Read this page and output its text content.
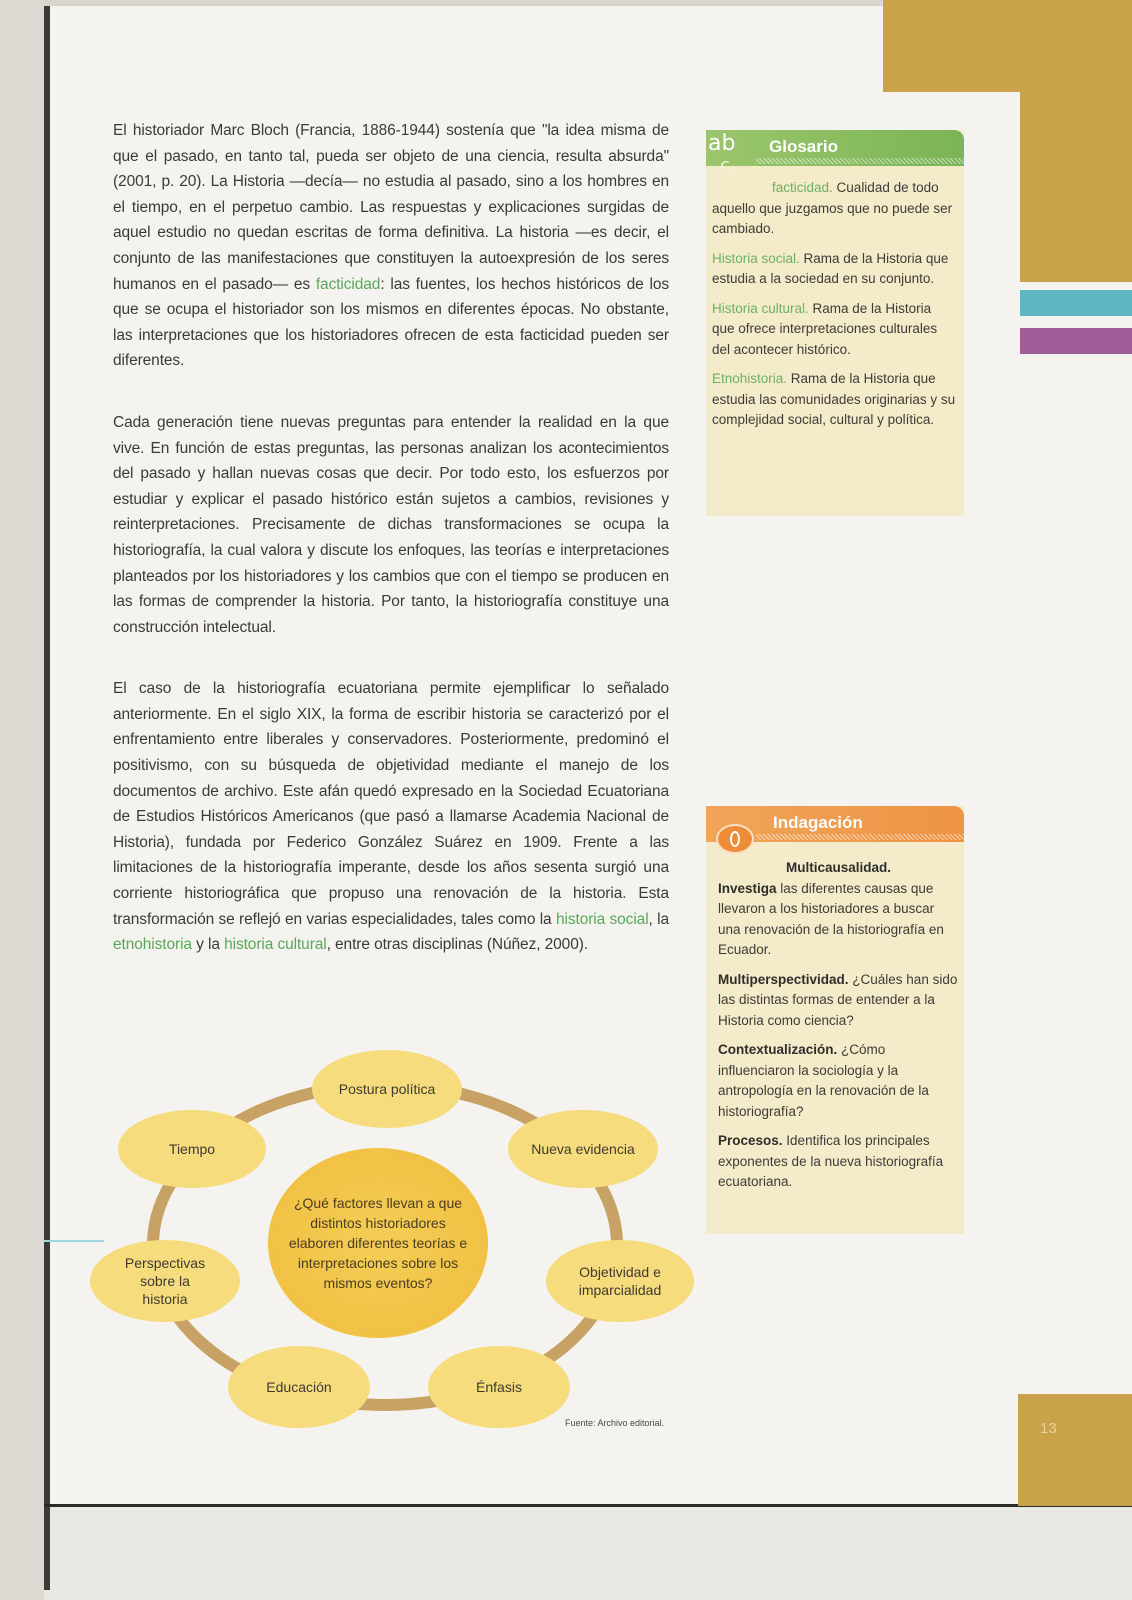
13

El historiador Marc Bloch (Francia, 1886-1944) sostenía que "la idea misma de que el pasado, en tanto tal, pueda ser objeto de una ciencia, resulta absurda" (2001, p. 20). La Historia —decía— no estudia al pasado, sino a los hombres en el tiempo, en el perpetuo cambio. Las respuestas y explicaciones surgidas de aquel estudio no quedan escritas de forma definitiva. La historia —es decir, el conjunto de las manifestaciones que constituyen la autoexpresión de los seres humanos en el pasado— es facticidad: las fuentes, los hechos históricos de los que se ocupa el historiador son los mismos en diferentes épocas. No obstante, las interpretaciones que los historiadores ofrecen de esta facticidad pueden ser diferentes.

Cada generación tiene nuevas preguntas para entender la realidad en la que vive. En función de estas preguntas, las personas analizan los acontecimientos del pasado y hallan nuevas cosas que decir. Por todo esto, los esfuerzos por estudiar y explicar el pasado histórico están sujetos a cambios, revisiones y reinterpretaciones. Precisamente de dichas transformaciones se ocupa la historiografía, la cual valora y discute los enfoques, las teorías e interpretaciones planteados por los historiadores y los cambios que con el tiempo se producen en las formas de comprender la historia. Por tanto, la historiografía constituye una construcción intelectual.

El caso de la historiografía ecuatoriana permite ejemplificar lo señalado anteriormente. En el siglo XIX, la forma de escribir historia se caracterizó por el enfrentamiento entre liberales y conservadores. Posteriormente, predominó el positivismo, con su búsqueda de objetividad mediante el manejo de los documentos de archivo. Este afán quedó expresado en la Sociedad Ecuatoriana de Estudios Históricos Americanos (que pasó a llamarse Academia Nacional de Historia), fundada por Federico González Suárez en 1909. Frente a las limitaciones de la historiografía imperante, desde los años sesenta surgió una corriente historiográfica que propuso una renovación de la historia. Esta transformación se reflejó en varias especialidades, tales como la historia social, la etnohistoria y la historia cultural, entre otras disciplinas (Núñez, 2000).

ab
c
Glosario

facticidad. Cualidad de todo aquello que juzgamos que no puede ser cambiado.

Historia social. Rama de la Historia que estudia a la sociedad en su conjunto.

Historia cultural. Rama de la Historia que ofrece interpretaciones culturales del acontecer histórico.

Etnohistoria. Rama de la Historia que estudia las comunidades originarias y su complejidad social, cultural y política.

Indagación

Multicausalidad.

Investiga las diferentes causas que llevaron a los historiadores a buscar una renovación de la historiografía en Ecuador.

Multiperspectividad. ¿Cuáles han sido las distintas formas de entender a la Historia como ciencia?

Contextualización. ¿Cómo influenciaron la sociología y la antropología en la renovación de la historiografía?

Procesos. Identifica los principales exponentes de la nueva historiografía ecuatoriana.

¿Qué factores llevan a que distintos historiadores elaboren diferentes teorías e interpretaciones sobre los mismos eventos?
Postura política
Nueva evidencia
Objetividad e imparcialidad
Énfasis
Educación
Perspectivas sobre la historia
Tiempo
Fuente: Archivo editorial.
